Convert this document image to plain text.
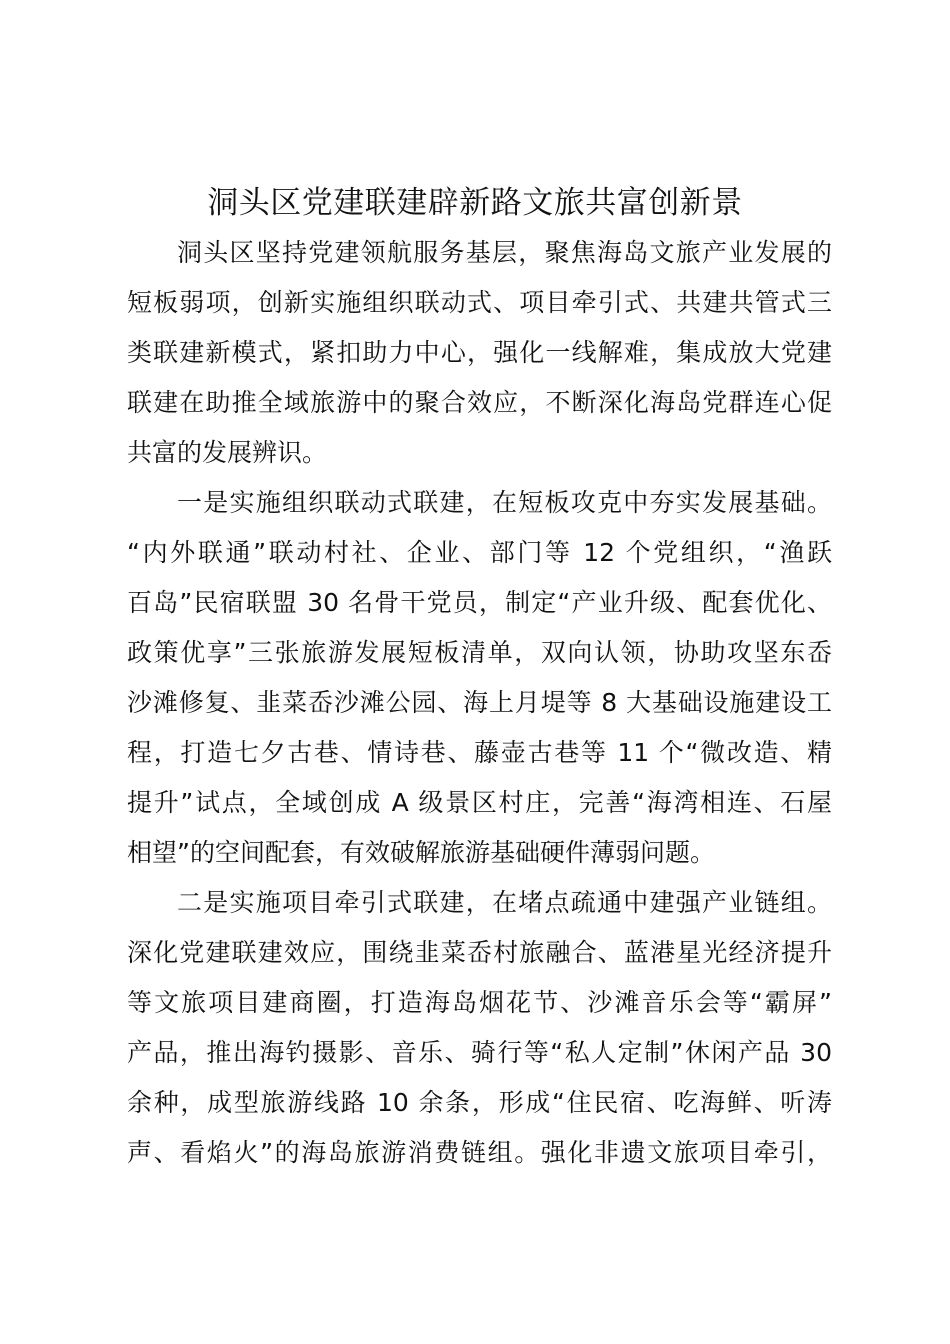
洞头区党建联建辟新路文旅共富创新景

洞头区坚持党建领航服务基层，聚焦海岛文旅产业发展的

短板弱项，创新实施组织联动式、项目牵引式、共建共管式三

类联建新模式，紧扣助力中心，强化一线解难，集成放大党建

联建在助推全域旅游中的聚合效应，不断深化海岛党群连心促

共富的发展辨识。

一是实施组织联动式联建，在短板攻克中夯实发展基础。

“内外联通”联动村社、企业、部门等 12 个党组织，“渔跃

百岛”民宿联盟 30 名骨干党员，制定“产业升级、配套优化、

政策优享”三张旅游发展短板清单，双向认领，协助攻坚东岙

沙滩修复、韭菜岙沙滩公园、海上月堤等 8 大基础设施建设工

程，打造七夕古巷、情诗巷、藤壶古巷等 11 个“微改造、精

提升”试点，全域创成 A 级景区村庄，完善“海湾相连、石屋

相望”的空间配套，有效破解旅游基础硬件薄弱问题。

二是实施项目牵引式联建，在堵点疏通中建强产业链组。

深化党建联建效应，围绕韭菜岙村旅融合、蓝港星光经济提升

等文旅项目建商圈，打造海岛烟花节、沙滩音乐会等“霸屏”

产品，推出海钓摄影、音乐、骑行等“私人定制”休闲产品 30

余种，成型旅游线路 10 余条，形成“住民宿、吃海鲜、听涛

声、看焰火”的海岛旅游消费链组。强化非遗文旅项目牵引，
